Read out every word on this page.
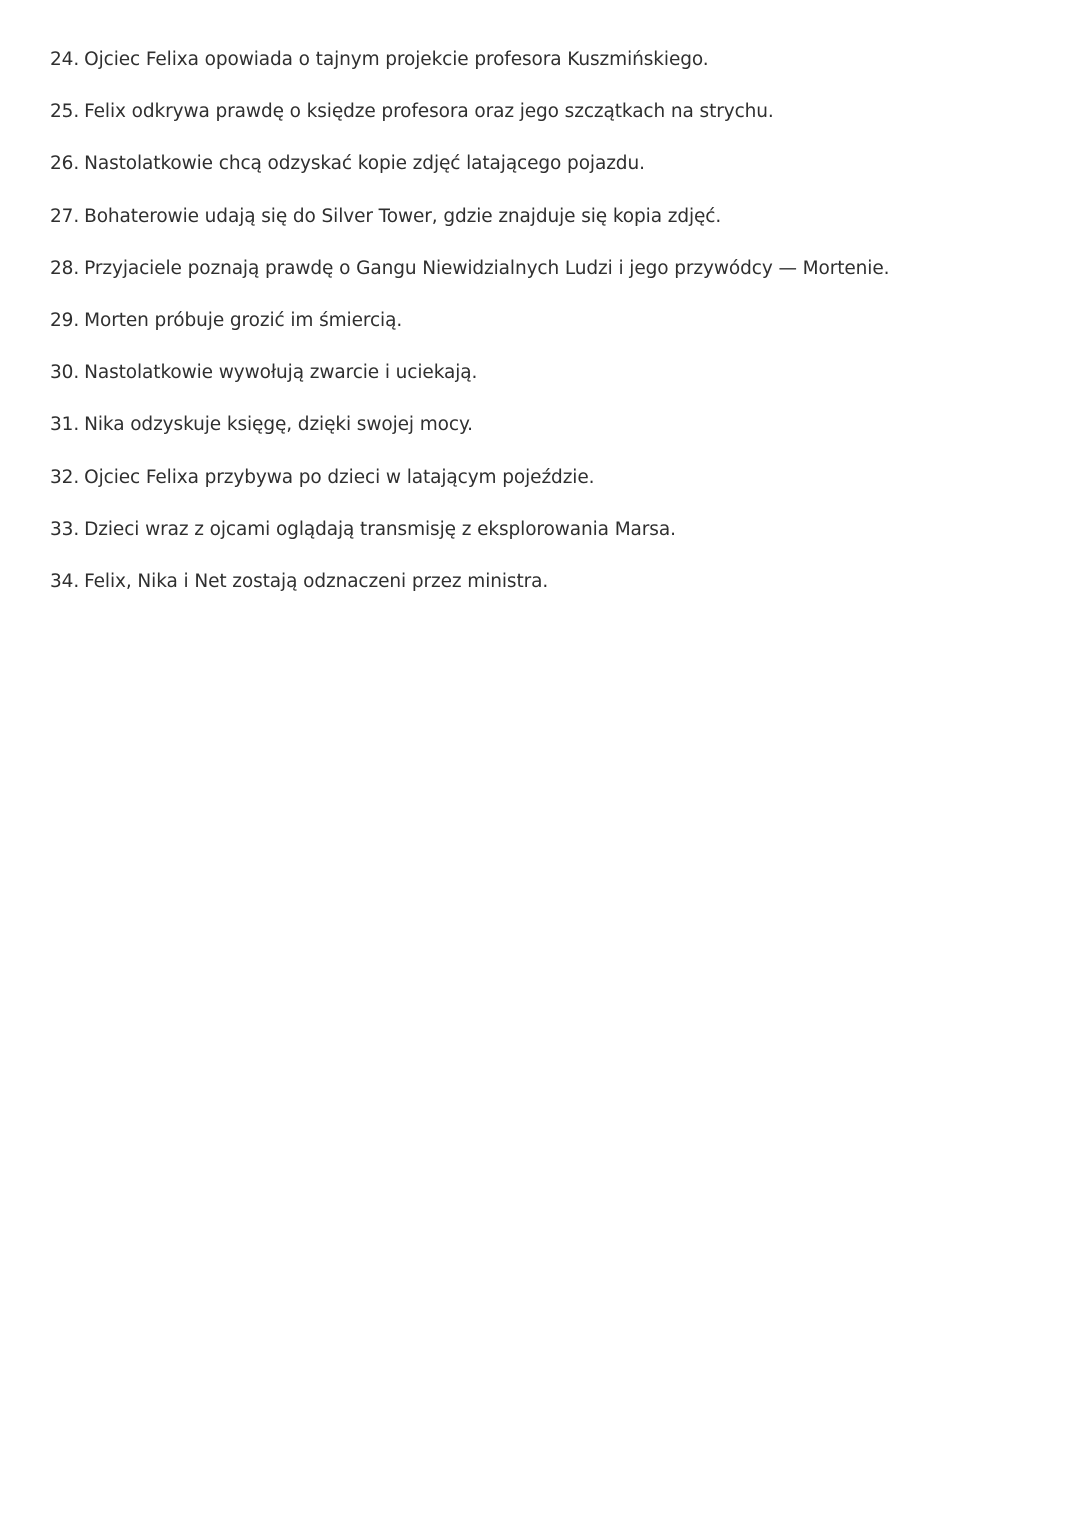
24. Ojciec Felixa opowiada o tajnym projekcie profesora Kuszmińskiego.
25. Felix odkrywa prawdę o księdze profesora oraz jego szczątkach na strychu.
26. Nastolatkowie chcą odzyskać kopie zdjęć latającego pojazdu.
27. Bohaterowie udają się do Silver Tower, gdzie znajduje się kopia zdjęć.
28. Przyjaciele poznają prawdę o Gangu Niewidzialnych Ludzi i jego przywódcy — Mortenie.
29. Morten próbuje grozić im śmiercią.
30. Nastolatkowie wywołują zwarcie i uciekają.
31. Nika odzyskuje księgę, dzięki swojej mocy.
32. Ojciec Felixa przybywa po dzieci w latającym pojeździe.
33. Dzieci wraz z ojcami oglądają transmisję z eksplorowania Marsa.
34. Felix, Nika i Net zostają odznaczeni przez ministra.
